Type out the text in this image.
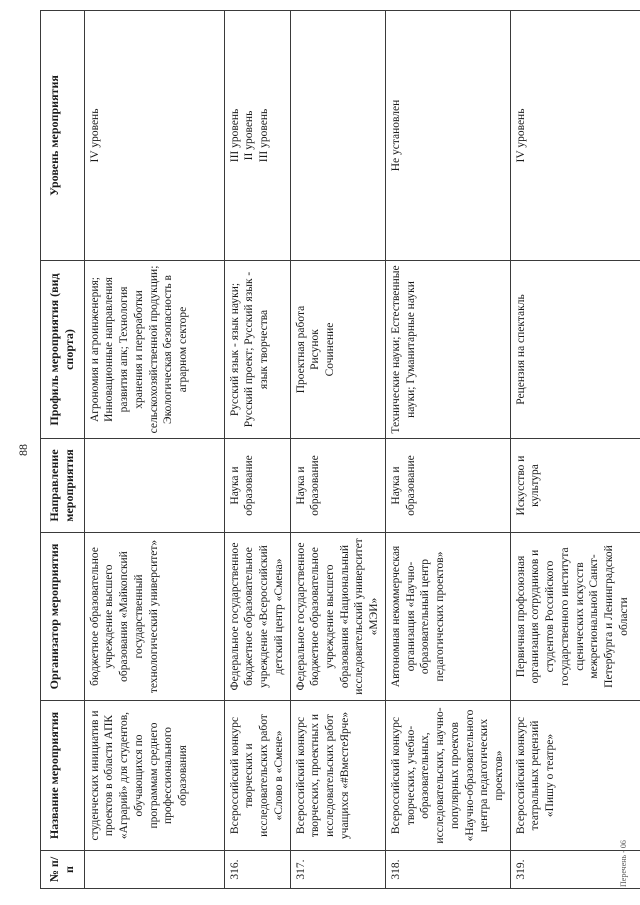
88
№ п/п	Название мероприятия	Организатор мероприятия	Направление мероприятия	Профиль мероприятия (вид спорта)	Уровень мероприятия
	студенческих инициатив и проектов в области АПК «Аграрий» для студентов, обучающихся по программам среднего профессионального образования	бюджетное образовательное учреждение высшего образования «Майкопский государственный технологический университет»		Агрономия и агроинженерия; Инновационные направления развития апк; Технология хранения и переработки сельскохозяйственной продукции; Экологическая безопасность в аграрном секторе	IV уровень

316.	Всероссийский конкурс творческих и исследовательских работ «Слово в «Смене»	Федеральное государственное бюджетное образовательное учреждение «Всероссийский детский центр «Смена»	Наука и образование	Русский язык - язык науки; Русский проект; Русский язык - язык творчества	III уровень II уровень III уровень

317.	Всероссийский конкурс творческих, проектных и исследовательских работ учащихся «#ВместеЯрче»	Федеральное государственное бюджетное образовательное учреждение высшего образования «Национальный исследовательский университет «МЭИ»	Наука и образование	Проектная работа Рисунок Сочинение	

318.	Всероссийский конкурс творческих, учебно-образовательных, исследовательских, научно-популярных проектов «Научно-образовательного центра педагогических проектов»	Автономная некоммерческая организация «Научно-образовательный центр педагогических проектов»	Наука и образование	Технические науки; Естественные науки; Гуманитарные науки	Не установлен

319.	Всероссийский конкурс театральных рецензий «Пишу о театре»	Первичная профсоюзная организация сотрудников и студентов Российского государственного института сценических искусств межрегиональной Санкт-Петербурга и Ленинградской области	Искусство и культура	Рецензия на спектакль	IV уровень
Перечень - 06
